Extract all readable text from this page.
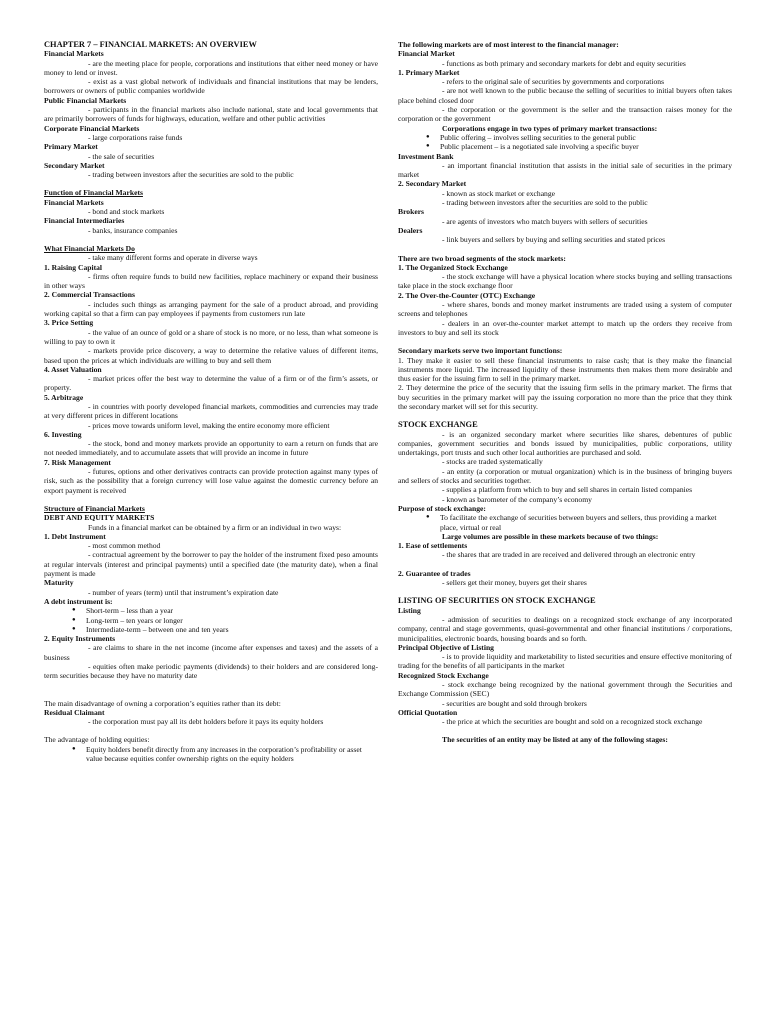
CHAPTER 7 – FINANCIAL MARKETS: AN OVERVIEW

Financial Markets

- are the meeting place for people, corporations and institutions that either need money or have money to lend or invest.

- exist as a vast global network of individuals and financial institutions that may be lenders, borrowers or owners of public companies worldwide

Public Financial Markets

- participants in the financial markets also include national, state and local governments that are primarily borrowers of funds for highways, education, welfare and other public activities

Corporate Financial Markets

- large corporations raise funds

Primary Market

- the sale of securities

Secondary Market

- trading between investors after the securities are sold to the public

Function of Financial Markets

Financial Markets

- bond and stock markets

Financial Intermediaries

- banks, insurance companies

What Financial Markets Do

- take many different forms and operate in diverse ways

1. Raising Capital

- firms often require funds to build new facilities, replace machinery or expand their business in other ways

2. Commercial Transactions

- includes such things as arranging payment for the sale of a product abroad, and providing working capital so that a firm can pay employees if payments from customers run late

3. Price Setting

- the value of an ounce of gold or a share of stock is no more, or no less, than what someone is willing to pay to own it

- markets provide price discovery, a way to determine the relative values of different items, based upon the prices at which individuals are willing to buy and sell them

4. Asset Valuation

- market prices offer the best way to determine the value of a firm or of the firm’s assets, or property.

5. Arbitrage

- in countries with poorly developed financial markets, commodities and currencies may trade at very different prices in different locations

- prices move towards uniform level, making the entire economy more efficient

6. Investing

- the stock, bond and money markets provide an opportunity to earn a return on funds that are not needed immediately, and to accumulate assets that will provide an income in future

7. Risk Management

- futures, options and other derivatives contracts can provide protection against many types of risk, such as the possibility that a foreign currency will lose value against the domestic currency before an export payment is received

Structure of Financial Markets

DEBT AND EQUITY MARKETS

Funds in a financial market can be obtained by a firm or an individual in two ways:

1. Debt Instrument

- most common method

- contractual agreement by the borrower to pay the holder of the instrument fixed peso amounts at regular intervals (interest and principal payments) until a specified date (the maturity date), when a final payment is made

Maturity

- number of years (term) until that instrument’s expiration date

A debt instrument is:

● Short-term – less than a year
● Long-term – ten years or longer
● Intermediate-term – between one and ten years

2. Equity Instruments

- are claims to share in the net income (income after expenses and taxes) and the assets of a business

- equities often make periodic payments (dividends) to their holders and are considered long-term securities because they have no maturity date

The main disadvantage of owning a corporation’s equities rather than its debt:

Residual Claimant

- the corporation must pay all its debt holders before it pays its equity holders

The advantage of holding equities:

● Equity holders benefit directly from any increases in the corporation’s profitability or asset value because equities confer ownership rights on the equity holders

The following markets are of most interest to the financial manager:

Financial Market

- functions as both primary and secondary markets for debt and equity securities

1. Primary Market

- refers to the original sale of securities by governments and corporations

- are not well known to the public because the selling of securities to initial buyers often takes place behind closed door

- the corporation or the government is the seller and the transaction raises money for the corporation or the government

Corporations engage in two types of primary market transactions:

● Public offering – involves selling securities to the general public
● Public placement – is a negotiated sale involving a specific buyer

Investment Bank

- an important financial institution that assists in the initial sale of securities in the primary market

2. Secondary Market

- known as stock market or exchange

- trading between investors after the securities are sold to the public

Brokers

- are agents of investors who match buyers with sellers of securities

Dealers

- link buyers and sellers by buying and selling securities and stated prices

There are two broad segments of the stock markets:

1. The Organized Stock Exchange

- the stock exchange will have a physical location where stocks buying and selling transactions take place in the stock exchange floor

2. The Over-the-Counter (OTC) Exchange

- where shares, bonds and money market instruments are traded using a system of computer screens and telephones

- dealers in an over-the-counter market attempt to match up the orders they receive from investors to buy and sell its stock

Secondary markets serve two important functions:

1. They make it easier to sell these financial instruments to raise cash; that is they make the financial instruments more liquid. The increased liquidity of these instruments then makes them more desirable and thus easier for the issuing firm to sell in the primary market.

2. They determine the price of the security that the issuing firm sells in the primary market. The firms that buy securities in the primary market will pay the issuing corporation no more than the price that they think the secondary market will set for this security.

STOCK EXCHANGE

- is an organized secondary market where securities like shares, debentures of public companies, government securities and bonds issued by municipalities, public corporations, utility undertakings, port trusts and such other local authorities are purchased and sold.

- stocks are traded systematically

- an entity (a corporation or mutual organization) which is in the business of bringing buyers and sellers of stocks and securities together.

- supplies a platform from which to buy and sell shares in certain listed companies

- known as barometer of the company’s economy

Purpose of stock exchange:

● To facilitate the exchange of securities between buyers and sellers, thus providing a market place, virtual or real

Large volumes are possible in these markets because of two things:

1. Ease of settlements

- the shares that are traded in are received and delivered through an electronic entry

2. Guarantee of trades

- sellers get their money, buyers get their shares

LISTING OF SECURITIES ON STOCK EXCHANGE

Listing

- admission of securities to dealings on a recognized stock exchange of any incorporated company, central and stage governments, quasi-governmental and other financial institutions / corporations, municipalities, electronic boards, housing boards and so forth.

Principal Objective of Listing

- is to provide liquidity and marketability to listed securities and ensure effective monitoring of trading for the benefits of all participants in the market

Recognized Stock Exchange

- stock exchange being recognized by the national government through the Securities and Exchange Commission (SEC)

- securities are bought and sold through brokers

Official Quotation

- the price at which the securities are bought and sold on a recognized stock exchange

The securities of an entity may be listed at any of the following stages:
